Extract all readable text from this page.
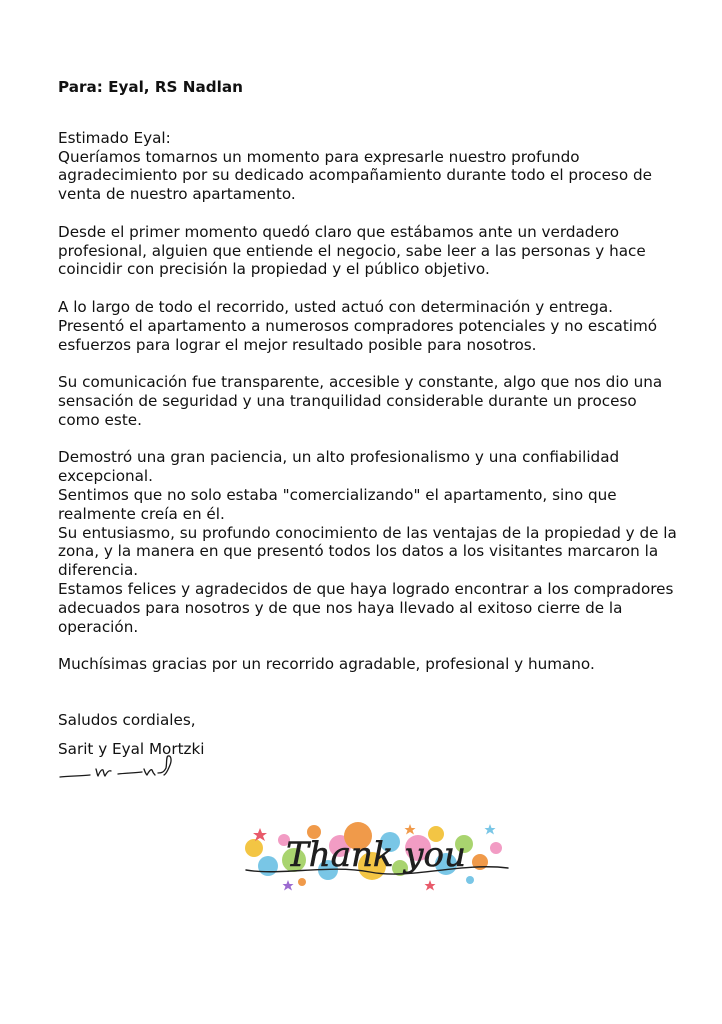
Para: Eyal, RS Nadlan

Estimado Eyal:

Queríamos tomarnos un momento para expresarle nuestro profundo agradecimiento por su dedicado acompañamiento durante todo el proceso de venta de nuestro apartamento.

Desde el primer momento quedó claro que estábamos ante un verdadero profesional, alguien que entiende el negocio, sabe leer a las personas y hace coincidir con precisión la propiedad y el público objetivo.

A lo largo de todo el recorrido, usted actuó con determinación y entrega. Presentó el apartamento a numerosos compradores potenciales y no escatimó esfuerzos para lograr el mejor resultado posible para nosotros.

Su comunicación fue transparente, accesible y constante, algo que nos dio una sensación de seguridad y una tranquilidad considerable durante un proceso como este.

Demostró una gran paciencia, un alto profesionalismo y una confiabilidad excepcional.

Sentimos que no solo estaba "comercializando" el apartamento, sino que realmente creía en él.

Su entusiasmo, su profundo conocimiento de las ventajas de la propiedad y de la zona, y la manera en que presentó todos los datos a los visitantes marcaron la diferencia.

Estamos felices y agradecidos de que haya logrado encontrar a los compradores adecuados para nosotros y de que nos haya llevado al exitoso cierre de la operación.

Muchísimas gracias por un recorrido agradable, profesional y humano.

Saludos cordiales,

Sarit y Eyal Mortzki

Thank you
